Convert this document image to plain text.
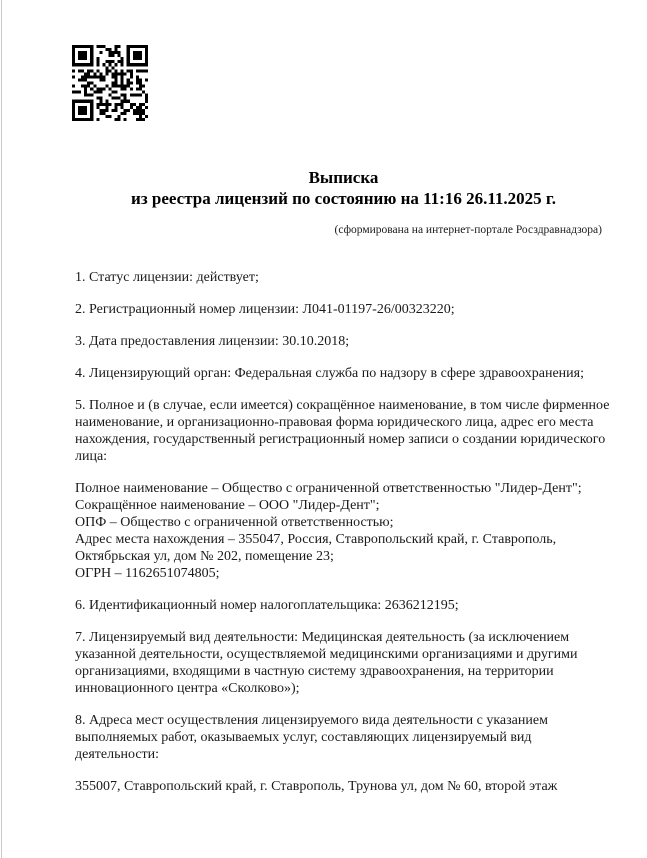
Выписка
из реестра лицензий по состоянию на 11:16 26.11.2025 г.
(сформирована на интернет-портале Росздравнадзора)

1. Статус лицензии: действует;

2. Регистрационный номер лицензии: Л041-01197-26/00323220;

3. Дата предоставления лицензии: 30.10.2018;

4. Лицензирующий орган: Федеральная служба по надзору в сфере здравоохранения;

5. Полное и (в случае, если имеется) сокращённое наименование, в том числе фирменное наименование, и организационно-правовая форма юридического лица, адрес его места нахождения, государственный регистрационный номер записи о создании юридического лица:

Полное наименование – Общество с ограниченной ответственностью "Лидер-Дент";
Сокращённое наименование – ООО "Лидер-Дент";
ОПФ – Общество с ограниченной ответственностью;
Адрес места нахождения – 355047, Россия, Ставропольский край, г. Ставрополь, Октябрьская ул, дом № 202, помещение 23;
ОГРН – 1162651074805;

6. Идентификационный номер налогоплательщика: 2636212195;

7. Лицензируемый вид деятельности: Медицинская деятельность (за исключением указанной деятельности, осуществляемой медицинскими организациями и другими организациями, входящими в частную систему здравоохранения, на территории инновационного центра «Сколково»);

8. Адреса мест осуществления лицензируемого вида деятельности с указанием выполняемых работ, оказываемых услуг, составляющих лицензируемый вид деятельности:

355007, Ставропольский край, г. Ставрополь, Трунова ул, дом № 60, второй этаж
